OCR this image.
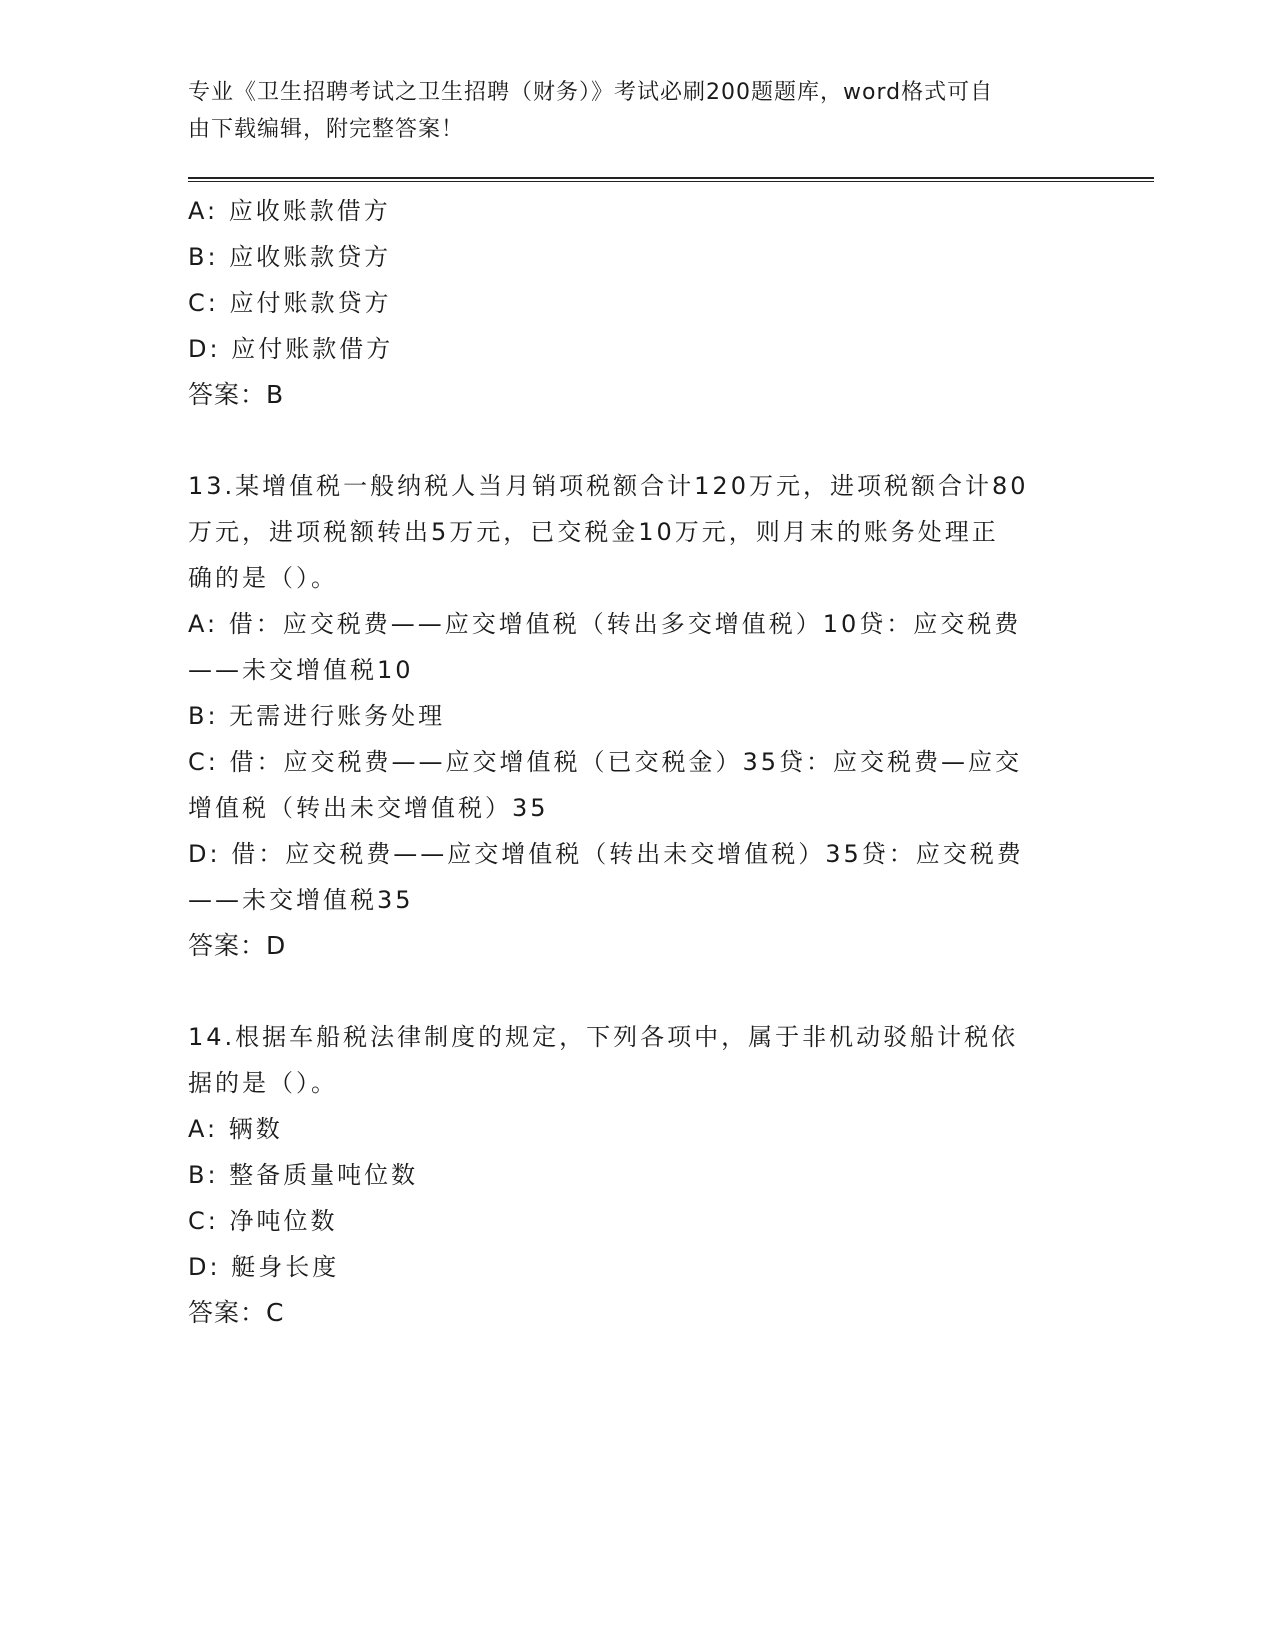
专业《卫生招聘考试之卫生招聘（财务）》考试必刷200题题库，word格式可自
由下载编辑，附完整答案！
A: 应收账款借方
B: 应收账款贷方
C: 应付账款贷方
D: 应付账款借方
答案：B
13.某增值税一般纳税人当月销项税额合计120万元，进项税额合计80
万元，进项税额转出5万元，已交税金10万元，则月末的账务处理正
确的是（）。
A: 借：应交税费——应交增值税（转出多交增值税）10贷：应交税费
——未交增值税10
B: 无需进行账务处理
C: 借：应交税费——应交增值税（已交税金）35贷：应交税费—应交
增值税（转出未交增值税）35
D: 借：应交税费——应交增值税（转出未交增值税）35贷：应交税费
——未交增值税35
答案：D
14.根据车船税法律制度的规定，下列各项中，属于非机动驳船计税依
据的是（）。
A: 辆数
B: 整备质量吨位数
C: 净吨位数
D: 艇身长度
答案：C
